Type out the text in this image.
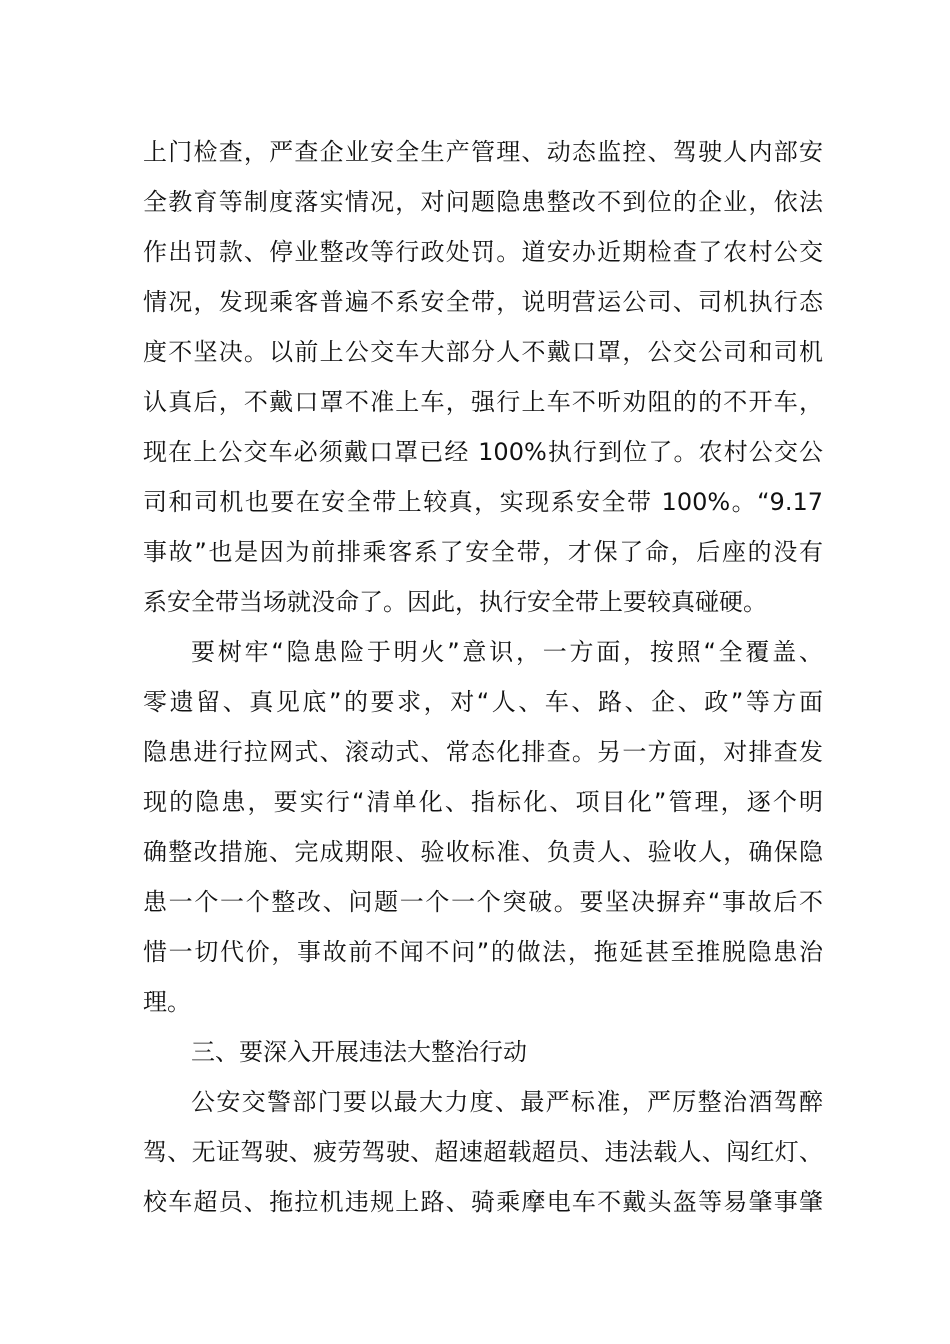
上门检查，严查企业安全生产管理、动态监控、驾驶人内部安
全教育等制度落实情况，对问题隐患整改不到位的企业，依法
作出罚款、停业整改等行政处罚。道安办近期检查了农村公交
情况，发现乘客普遍不系安全带，说明营运公司、司机执行态
度不坚决。以前上公交车大部分人不戴口罩，公交公司和司机
认真后，不戴口罩不准上车，强行上车不听劝阻的的不开车，
现在上公交车必须戴口罩已经 100%执行到位了。农村公交公
司和司机也要在安全带上较真，实现系安全带 100%。“9.17
事故”也是因为前排乘客系了安全带，才保了命，后座的没有
系安全带当场就没命了。因此，执行安全带上要较真碰硬。
要树牢“隐患险于明火”意识，一方面，按照“全覆盖、
零遗留、真见底”的要求，对“人、车、路、企、政”等方面
隐患进行拉网式、滚动式、常态化排查。另一方面，对排查发
现的隐患，要实行“清单化、指标化、项目化”管理，逐个明
确整改措施、完成期限、验收标准、负责人、验收人，确保隐
患一个一个整改、问题一个一个突破。要坚决摒弃“事故后不
惜一切代价，事故前不闻不问”的做法，拖延甚至推脱隐患治
理。
三、要深入开展违法大整治行动
公安交警部门要以最大力度、最严标准，严厉整治酒驾醉
驾、无证驾驶、疲劳驾驶、超速超载超员、违法载人、闯红灯、
校车超员、拖拉机违规上路、骑乘摩电车不戴头盔等易肇事肇
